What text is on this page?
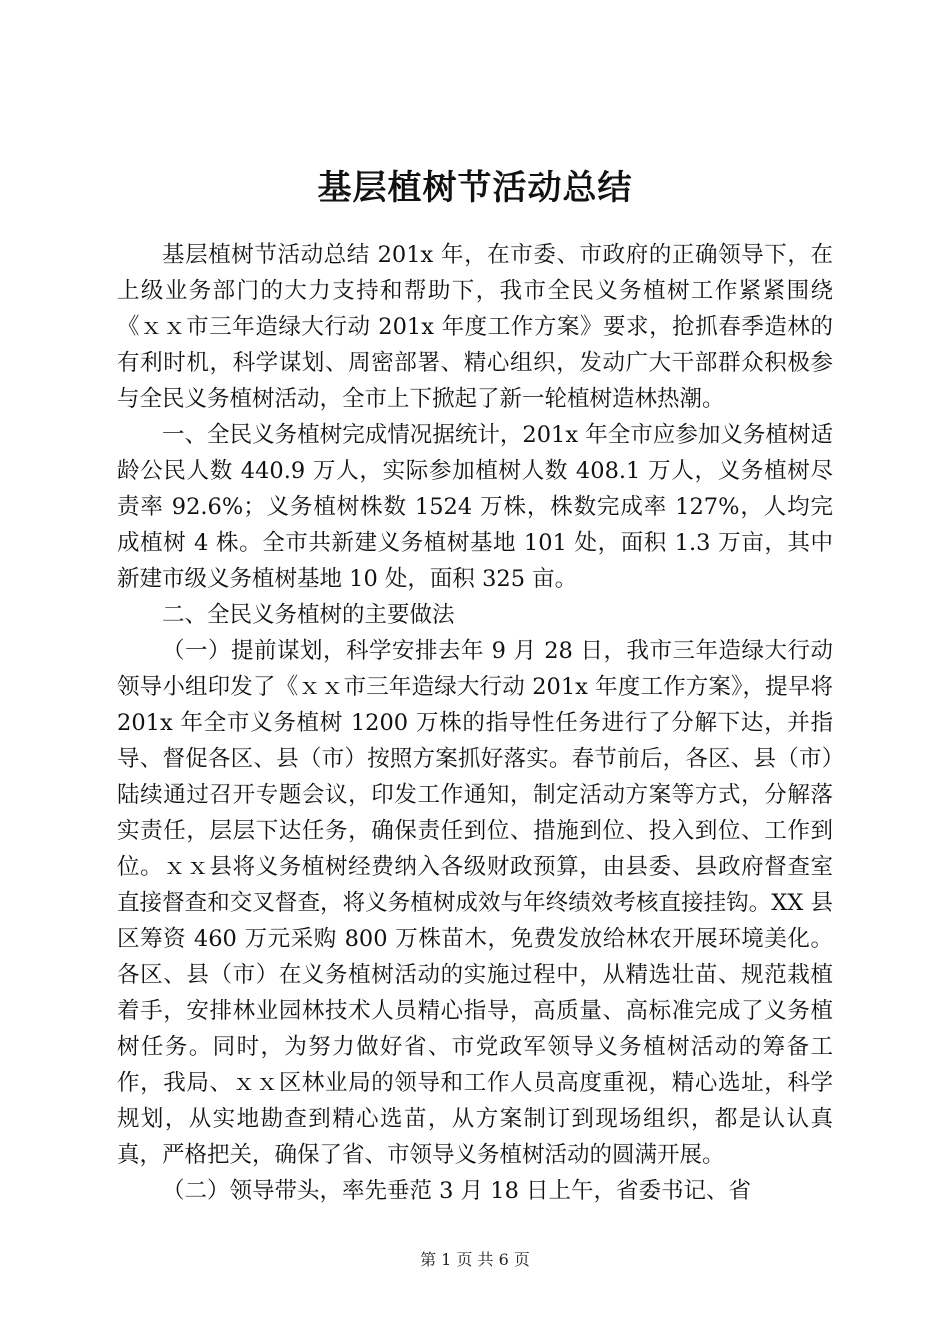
基层植树节活动总结

基层植树节活动总结 201x 年，在市委、市政府的正确领导下，在上级业务部门的大力支持和帮助下，我市全民义务植树工作紧紧围绕《ｘｘ市三年造绿大行动 201x 年度工作方案》要求，抢抓春季造林的有利时机，科学谋划、周密部署、精心组织，发动广大干部群众积极参与全民义务植树活动，全市上下掀起了新一轮植树造林热潮。

一、全民义务植树完成情况据统计，201x 年全市应参加义务植树适龄公民人数 440.9 万人，实际参加植树人数 408.1 万人，义务植树尽责率 92.6%；义务植树株数 1524 万株，株数完成率 127%，人均完成植树 4 株。全市共新建义务植树基地 101 处，面积 1.3 万亩，其中新建市级义务植树基地 10 处，面积 325 亩。

二、全民义务植树的主要做法

（一）提前谋划，科学安排去年 9 月 28 日，我市三年造绿大行动领导小组印发了《ｘｘ市三年造绿大行动 201x 年度工作方案》，提早将 201x 年全市义务植树 1200 万株的指导性任务进行了分解下达，并指导、督促各区、县（市）按照方案抓好落实。春节前后，各区、县（市）陆续通过召开专题会议，印发工作通知，制定活动方案等方式，分解落实责任，层层下达任务，确保责任到位、措施到位、投入到位、工作到位。ｘｘ县将义务植树经费纳入各级财政预算，由县委、县政府督查室直接督查和交叉督查，将义务植树成效与年终绩效考核直接挂钩。XX 县区筹资 460 万元采购 800 万株苗木，免费发放给林农开展环境美化。各区、县（市）在义务植树活动的实施过程中，从精选壮苗、规范栽植着手，安排林业园林技术人员精心指导，高质量、高标准完成了义务植树任务。同时，为努力做好省、市党政军领导义务植树活动的筹备工作，我局、ｘｘ区林业局的领导和工作人员高度重视，精心选址，科学规划，从实地勘查到精心选苗，从方案制订到现场组织，都是认认真真，严格把关，确保了省、市领导义务植树活动的圆满开展。

（二）领导带头，率先垂范 3 月 18 日上午，省委书记、省

第 1 页 共 6 页
